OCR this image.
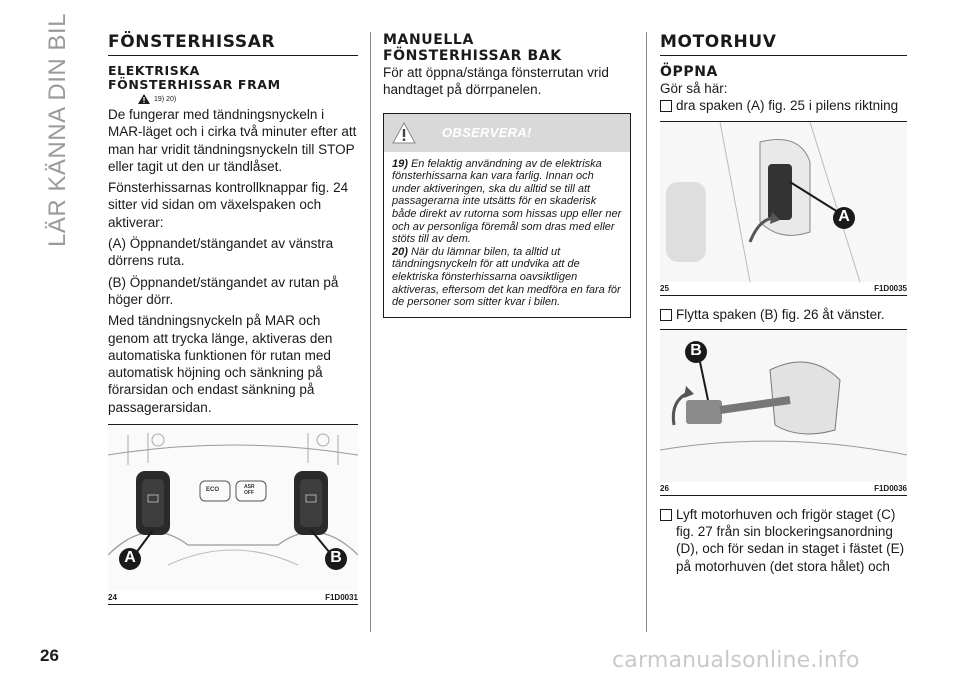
LÄR KÄNNA DIN BIL FÖNSTERHISSAR
ELEKTRISKA
FÖNSTERHISSAR FRAM
19) 20)

De fungerar med tändningsnyckeln i MAR-läget och i cirka två minuter efter att man har vridit tändningsnyckeln till STOP eller tagit ut den ur tändlåset.

Fönsterhissarnas kontrollknappar fig. 24 sitter vid sidan om växelspaken och aktiverar:

(A) Öppnandet/stängandet av vänstra dörrens ruta.

(B) Öppnandet/stängandet av rutan på höger dörr.

Med tändningsnyckeln på MAR och genom att trycka länge, aktiveras den automatiska funktionen för rutan med automatisk höjning och sänkning på förarsidan och endast sänkning på passagerarsidan.

ECO	ASR
OFF
A	B
24	F1D0031
MANUELLA
FÖNSTERHISSAR BAK

För att öppna/stänga fönsterrutan vrid handtaget på dörrpanelen.

OBSERVERA!
19) En felaktig användning av de elektriska fönsterhissarna kan vara farlig. Innan och under aktiveringen, ska du alltid se till att passagerarna inte utsätts för en skaderisk både direkt av rutorna som hissas upp eller ner och av personliga föremål som dras med eller stöts till av dem.
20) När du lämnar bilen, ta alltid ut tändningsnyckeln för att undvika att de elektriska fönsterhissarna oavsiktligen aktiveras, eftersom det kan medföra en fara för de personer som sitter kvar i bilen.
MOTORHUV
ÖPPNA

Gör så här:

dra spaken (A) fig. 25 i pilens riktning
A
25	F1D0035
Flytta spaken (B) fig. 26 åt vänster.
B
26	F1D0036
Lyft motorhuven och frigör staget (C) fig. 27 från sin blockeringsanordning (D), och för sedan in staget i fästet (E) på motorhuven (det stora hålet) och
26	carmanualsonline.info
